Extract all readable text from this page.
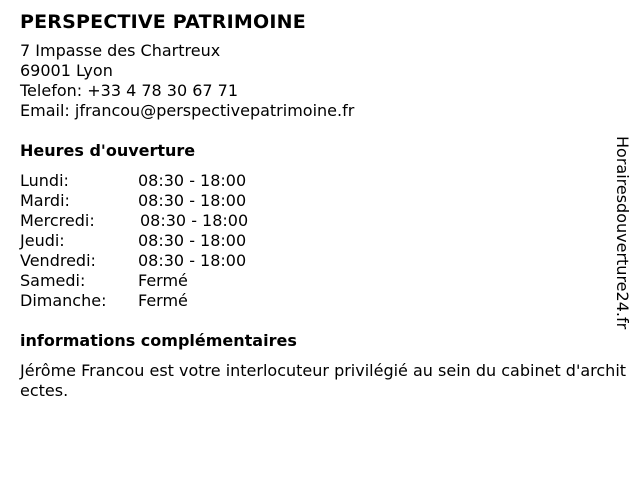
PERSPECTIVE PATRIMOINE
7 Impasse des Chartreux
69001 Lyon
Telefon: +33 4 78 30 67 71
Email: jfrancou@perspectivepatrimoine.fr
Heures d'ouverture
Lundi:	08:30 - 18:00
Mardi:	08:30 - 18:00
Mercredi:	08:30 - 18:00
Jeudi:	08:30 - 18:00
Vendredi:	08:30 - 18:00
Samedi:	Fermé
Dimanche: Fermé
informations complémentaires
Jérôme Francou est votre interlocuteur privilégié au sein du cabinet d'architectes.
Horairesdouverture24.fr
